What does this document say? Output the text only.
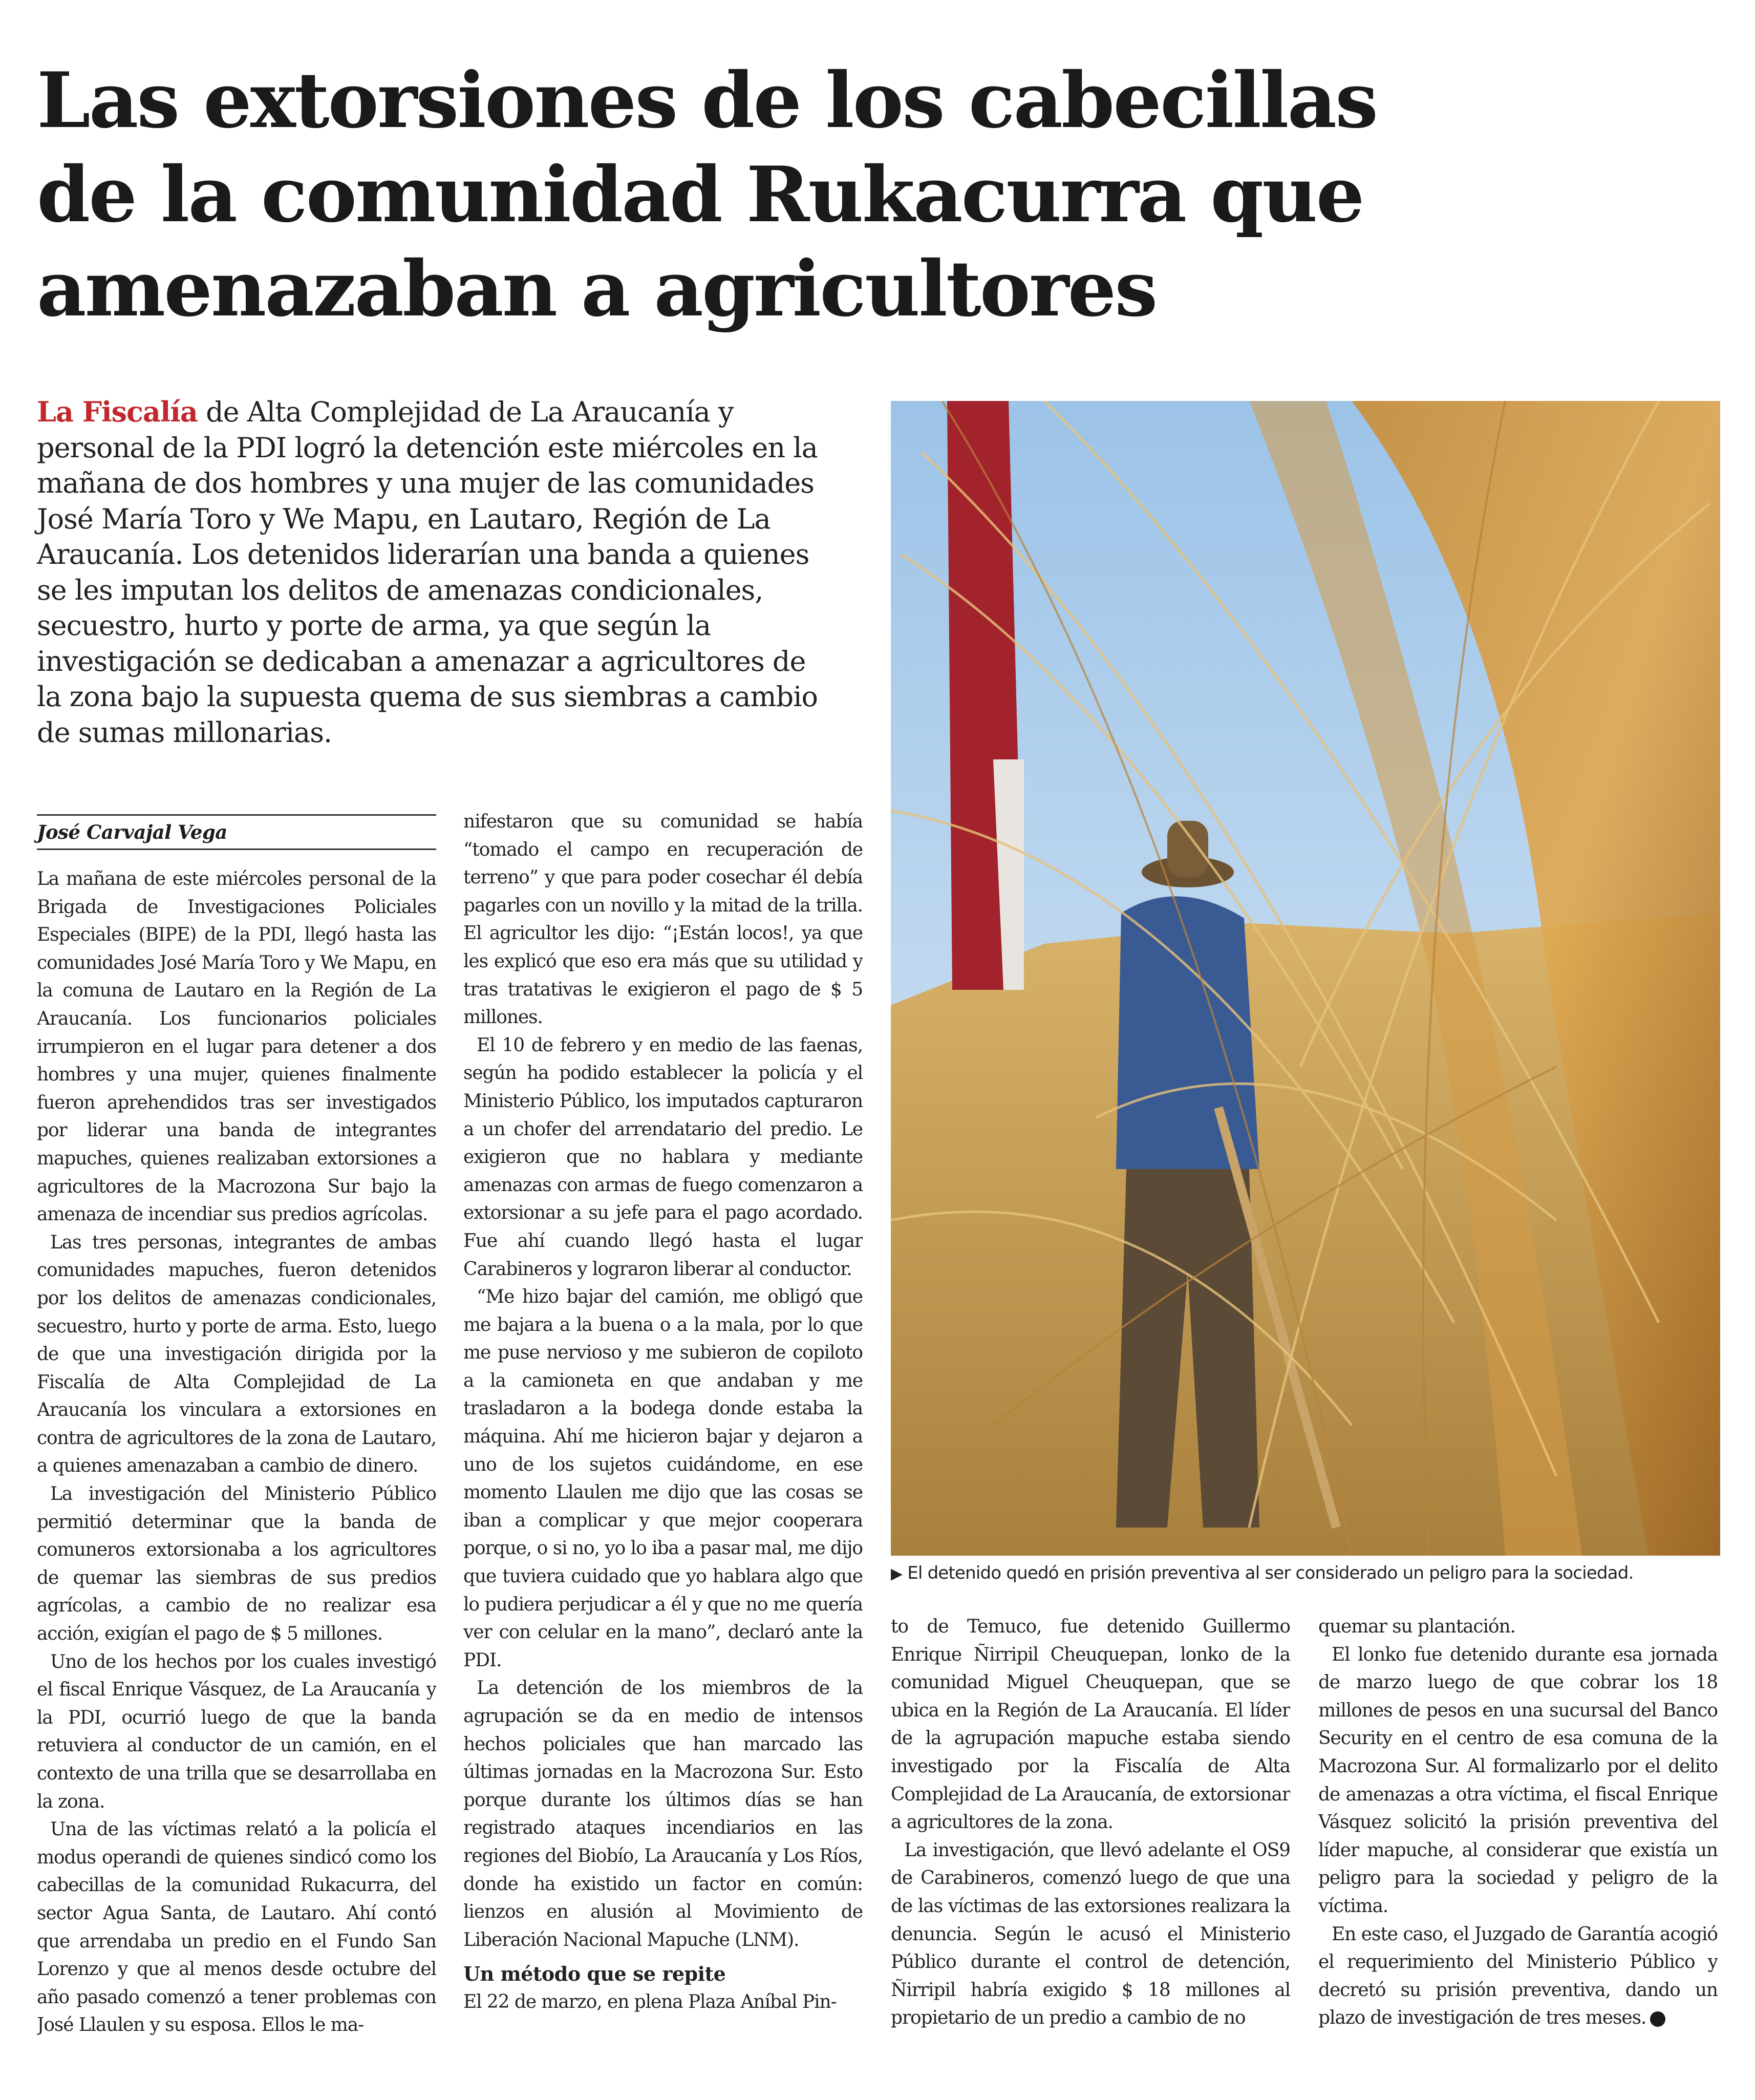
Las extorsiones de los cabecillas de la comunidad Rukacurra que amenazaban a agricultores

La Fiscalía de Alta Complejidad de La Araucanía y personal de la PDI logró la detención este miércoles en la mañana de dos hombres y una mujer de las comunidades José María Toro y We Mapu, en Lautaro, Región de La Araucanía. Los detenidos liderarían una banda a quienes se les imputan los delitos de amenazas condicionales, secuestro, hurto y porte de arma, ya que según la investigación se dedicaban a amenazar a agricultores de la zona bajo la supuesta quema de sus siembras a cambio de sumas millonarias.

José Carvajal Vega

La mañana de este miércoles personal de la Brigada de Investigaciones Policiales Especiales (BIPE) de la PDI, llegó hasta las comunidades José María Toro y We Mapu, en la comuna de Lautaro en la Región de La Araucanía. Los funcionarios policiales irrumpieron en el lugar para detener a dos hombres y una mujer, quienes finalmente fueron aprehendidos tras ser investigados por liderar una banda de integrantes mapuches, quienes realizaban extorsiones a agricultores de la Macrozona Sur bajo la amenaza de incendiar sus predios agrícolas.

Las tres personas, integrantes de ambas comunidades mapuches, fueron detenidos por los delitos de amenazas condicionales, secuestro, hurto y porte de arma. Esto, luego de que una investigación dirigida por la Fiscalía de Alta Complejidad de La Araucanía los vinculara a extorsiones en contra de agricultores de la zona de Lautaro, a quienes amenazaban a cambio de dinero.

La investigación del Ministerio Público permitió determinar que la banda de comuneros extorsionaba a los agricultores de quemar las siembras de sus predios agrícolas, a cambio de no realizar esa acción, exigían el pago de $ 5 millones.

Uno de los hechos por los cuales investigó el fiscal Enrique Vásquez, de La Araucanía y la PDI, ocurrió luego de que la banda retuviera al conductor de un camión, en el contexto de una trilla que se desarrollaba en la zona.

Una de las víctimas relató a la policía el modus operandi de quienes sindicó como los cabecillas de la comunidad Rukacurra, del sector Agua Santa, de Lautaro. Ahí contó que arrendaba un predio en el Fundo San Lorenzo y que al menos desde octubre del año pasado comenzó a tener problemas con José Llaulen y su esposa. Ellos le ma-

nifestaron que su comunidad se había “tomado el campo en recuperación de terreno” y que para poder cosechar él debía pagarles con un novillo y la mitad de la trilla. El agricultor les dijo: “¡Están locos!, ya que les explicó que eso era más que su utilidad y tras tratativas le exigieron el pago de $ 5 millones.

El 10 de febrero y en medio de las faenas, según ha podido establecer la policía y el Ministerio Público, los imputados capturaron a un chofer del arrendatario del predio. Le exigieron que no hablara y mediante amenazas con armas de fuego comenzaron a extorsionar a su jefe para el pago acordado. Fue ahí cuando llegó hasta el lugar Carabineros y lograron liberar al conductor.

“Me hizo bajar del camión, me obligó que me bajara a la buena o a la mala, por lo que me puse nervioso y me subieron de copiloto a la camioneta en que andaban y me trasladaron a la bodega donde estaba la máquina. Ahí me hicieron bajar y dejaron a uno de los sujetos cuidándome, en ese momento Llaulen me dijo que las cosas se iban a complicar y que mejor cooperara porque, o si no, yo lo iba a pasar mal, me dijo que tuviera cuidado que yo hablara algo que lo pudiera perjudicar a él y que no me quería ver con celular en la mano”, declaró ante la PDI.

La detención de los miembros de la agrupación se da en medio de intensos hechos policiales que han marcado las últimas jornadas en la Macrozona Sur. Esto porque durante los últimos días se han registrado ataques incendiarios en las regiones del Biobío, La Araucanía y Los Ríos, donde ha existido un factor en común: lienzos en alusión al Movimiento de Liberación Nacional Mapuche (LNM).

Un método que se repite

El 22 de marzo, en plena Plaza Aníbal Pin-

▶ El detenido quedó en prisión preventiva al ser considerado un peligro para la sociedad.

to de Temuco, fue detenido Guillermo Enrique Ñirripil Cheuquepan, lonko de la comunidad Miguel Cheuquepan, que se ubica en la Región de La Araucanía. El líder de la agrupación mapuche estaba siendo investigado por la Fiscalía de Alta Complejidad de La Araucanía, de extorsionar a agricultores de la zona.

La investigación, que llevó adelante el OS9 de Carabineros, comenzó luego de que una de las víctimas de las extorsiones realizara la denuncia. Según le acusó el Ministerio Público durante el control de detención, Ñirripil habría exigido $ 18 millones al propietario de un predio a cambio de no

quemar su plantación.

El lonko fue detenido durante esa jornada de marzo luego de que cobrar los 18 millones de pesos en una sucursal del Banco Security en el centro de esa comuna de la Macrozona Sur. Al formalizarlo por el delito de amenazas a otra víctima, el fiscal Enrique Vásquez solicitó la prisión preventiva del líder mapuche, al considerar que existía un peligro para la sociedad y peligro de la víctima.

En este caso, el Juzgado de Garantía acogió el requerimiento del Ministerio Público y decretó su prisión preventiva, dando un plazo de investigación de tres meses.
